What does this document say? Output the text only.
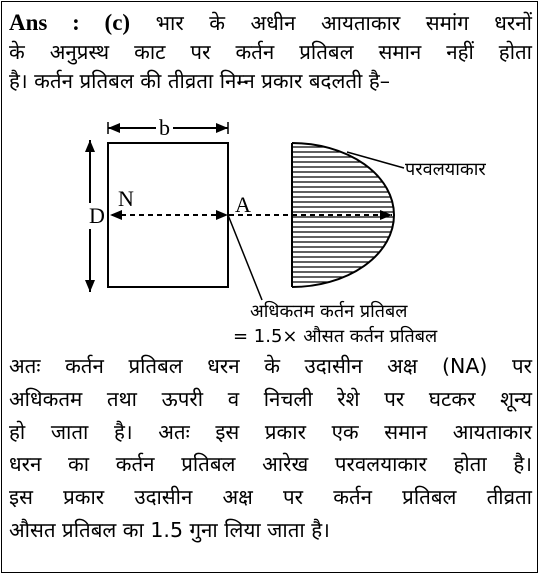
Ans : (c) भार के अधीन आयताकार समांग धरनों
के अनुप्रस्थ काट पर कर्तन प्रतिबल समान नहीं होता
है। कर्तन प्रतिबल की तीव्रता निम्न प्रकार बदलती है–
b
D
N	A
परवलयाकार
अधिकतम कर्तन प्रतिबल
= 1.5× औसत कर्तन प्रतिबल
अतः कर्तन प्रतिबल धरन के उदासीन अक्ष (NA) पर
अधिकतम तथा ऊपरी व निचली रेशे पर घटकर शून्य
हो जाता है। अतः इस प्रकार एक समान आयताकार
धरन का कर्तन प्रतिबल आरेख परवलयाकार होता है।
इस प्रकार उदासीन अक्ष पर कर्तन प्रतिबल तीव्रता
औसत प्रतिबल का 1.5 गुना लिया जाता है।
